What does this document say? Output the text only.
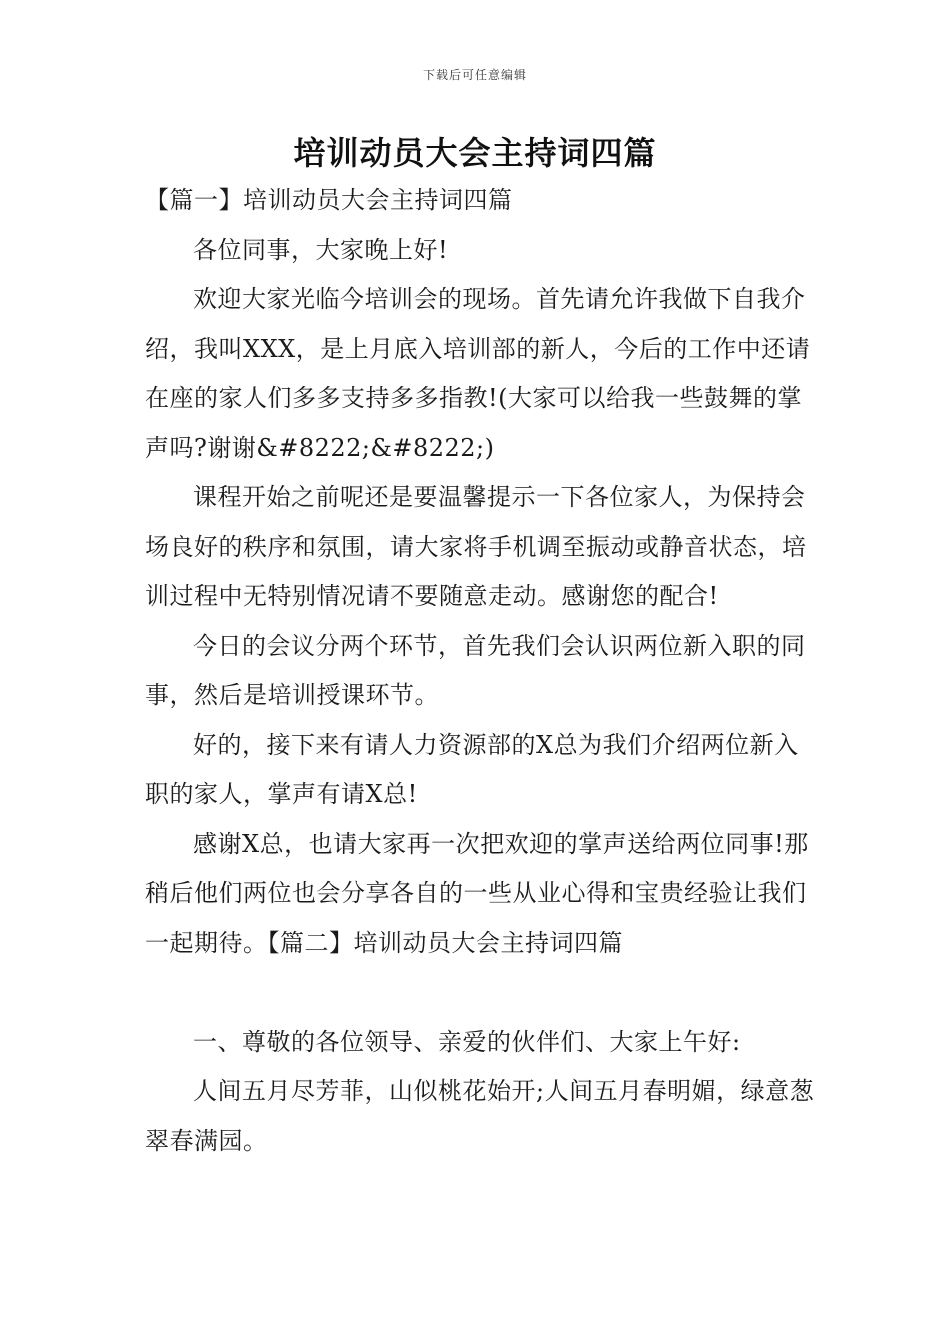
下载后可任意编辑
培训动员大会主持词四篇

【篇一】培训动员大会主持词四篇

各位同事，大家晚上好!

欢迎大家光临今培训会的现场。首先请允许我做下自我介绍，我叫XXX，是上月底入培训部的新人，今后的工作中还请在座的家人们多多支持多多指教!(大家可以给我一些鼓舞的掌声吗?谢谢&#8222;&#8222;)

课程开始之前呢还是要温馨提示一下各位家人，为保持会场良好的秩序和氛围，请大家将手机调至振动或静音状态，培训过程中无特别情况请不要随意走动。感谢您的配合!

今日的会议分两个环节，首先我们会认识两位新入职的同事，然后是培训授课环节。

好的，接下来有请人力资源部的X总为我们介绍两位新入职的家人，掌声有请X总!

感谢X总，也请大家再一次把欢迎的掌声送给两位同事!那稍后他们两位也会分享各自的一些从业心得和宝贵经验让我们一起期待。【篇二】培训动员大会主持词四篇

一、尊敬的各位领导、亲爱的伙伴们、大家上午好:

人间五月尽芳菲，山似桃花始开;人间五月春明媚，绿意葱翠春满园。
